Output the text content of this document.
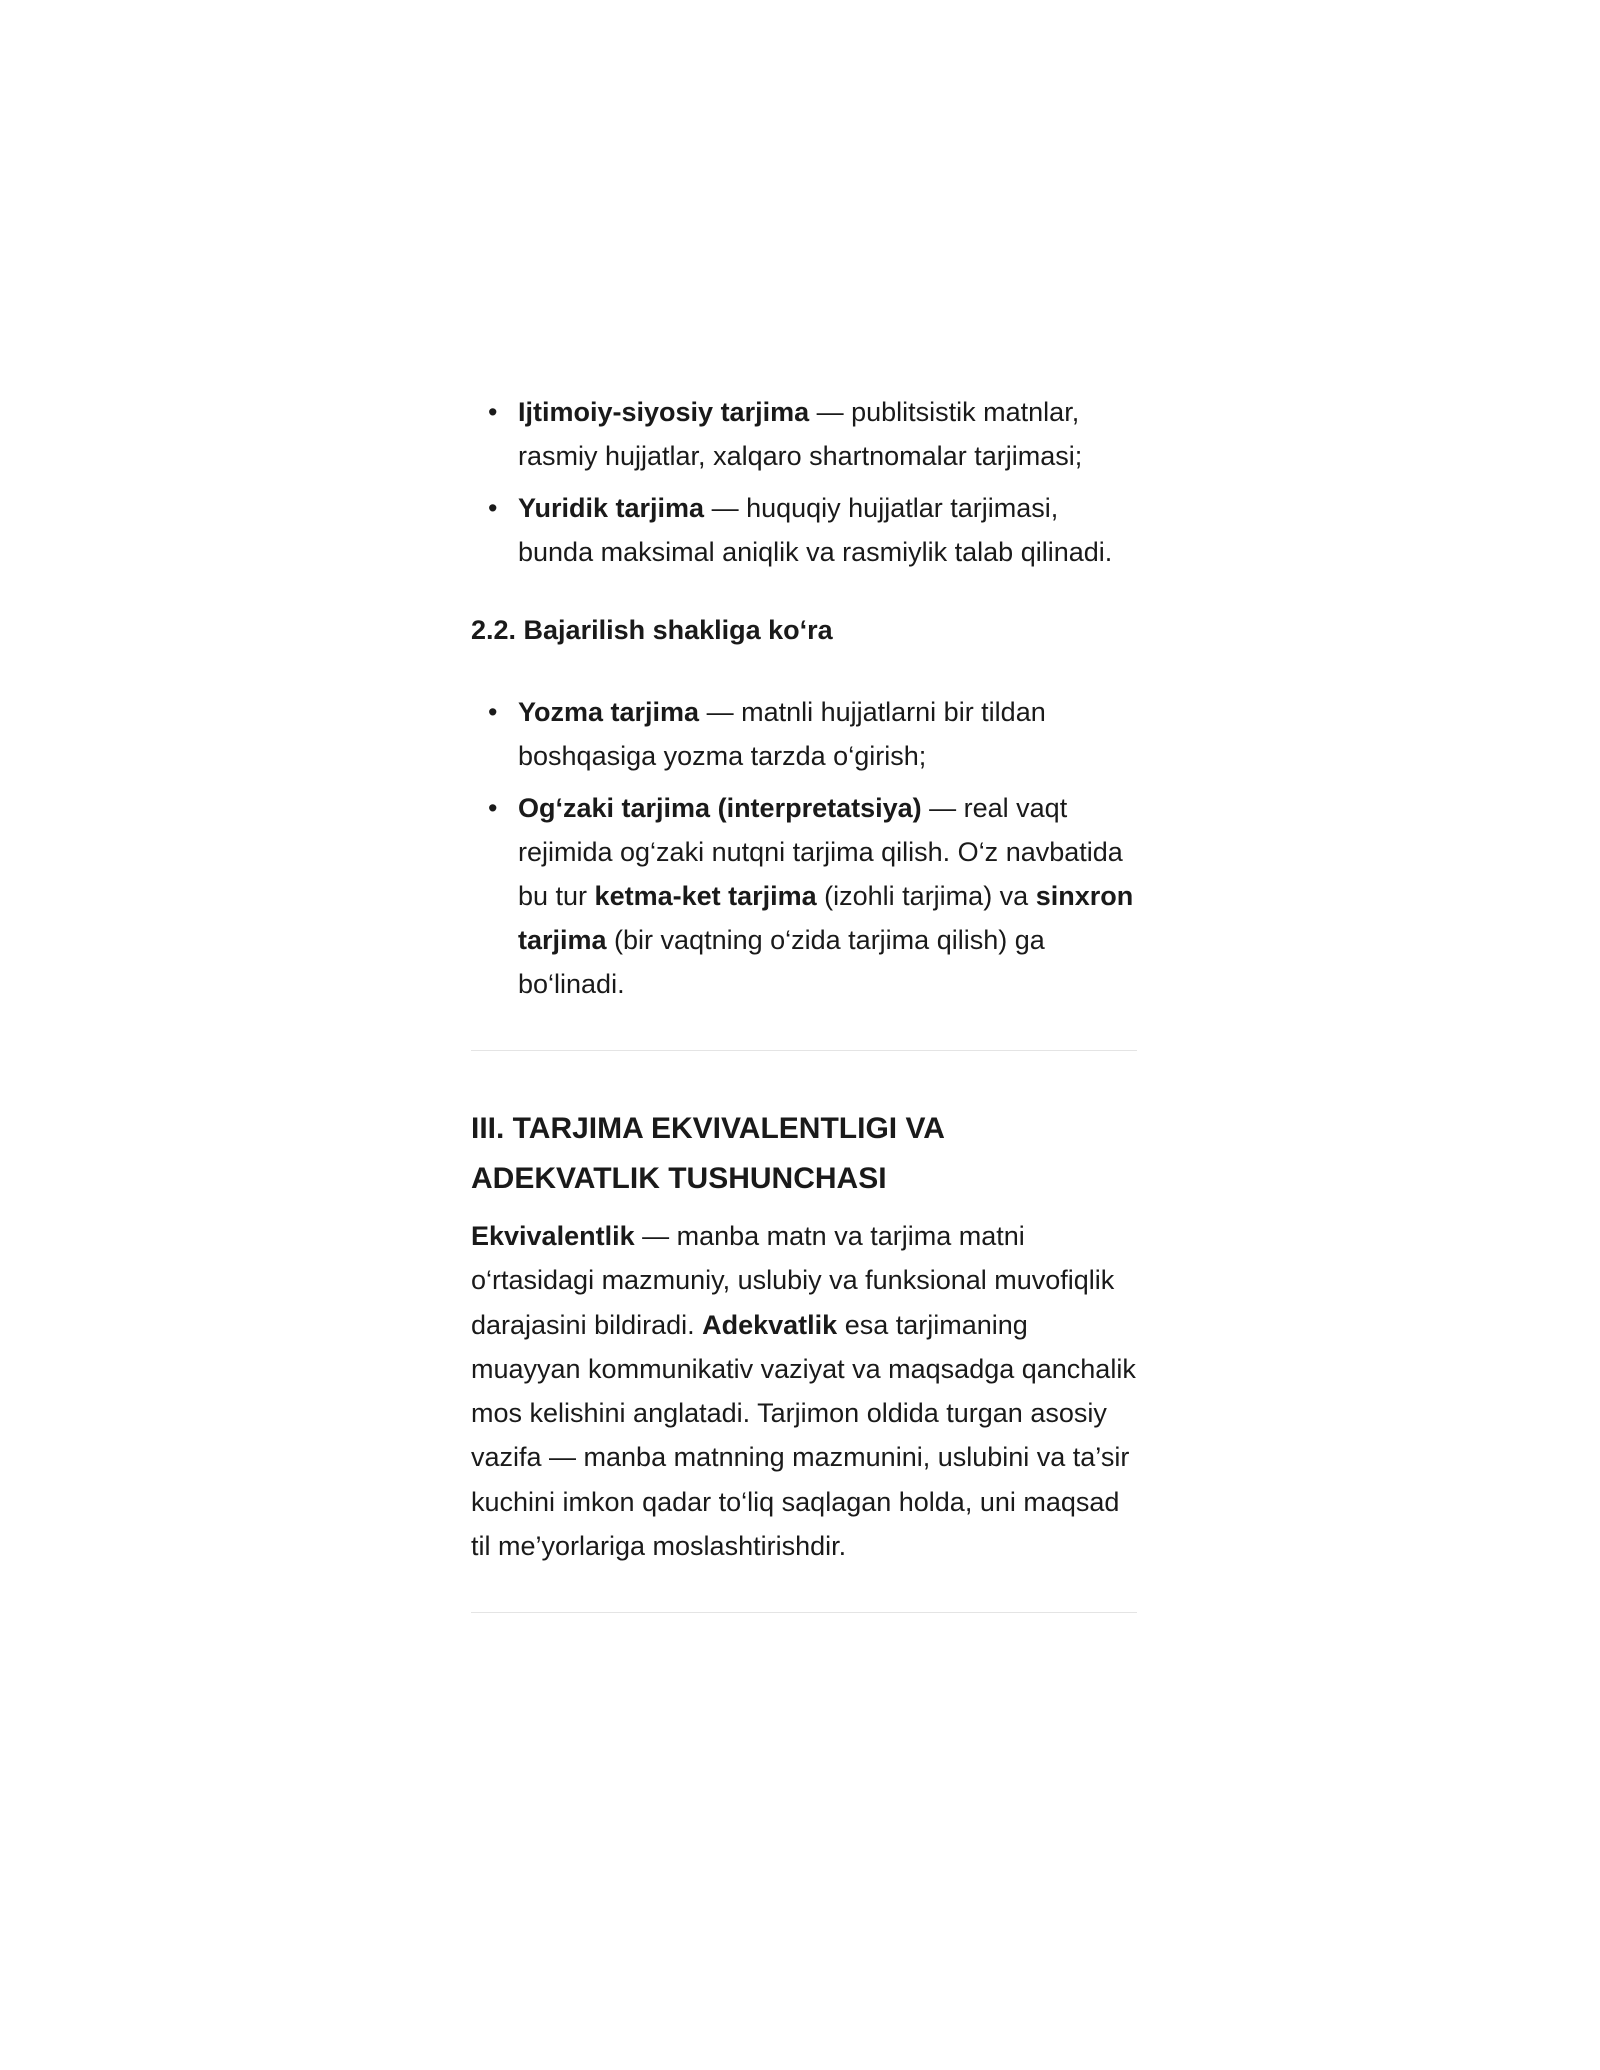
• Ijtimoiy-siyosiy tarjima — publitsistik matnlar, rasmiy hujjatlar, xalqaro shartnomalar tarjimasi;
• Yuridik tarjima — huquqiy hujjatlar tarjimasi, bunda maksimal aniqlik va rasmiylik talab qilinadi.
2.2. Bajarilish shakliga ko‘ra
• Yozma tarjima — matnli hujjatlarni bir tildan boshqasiga yozma tarzda o‘girish;
• Og‘zaki tarjima (interpretatsiya) — real vaqt rejimida og‘zaki nutqni tarjima qilish. O‘z navbatida bu tur ketma-ket tarjima (izohli tarjima) va sinxron tarjima (bir vaqtning o‘zida tarjima qilish) ga bo‘linadi.
III. TARJIMA EKVIVALENTLIGI VA ADEKVATLIK TUSHUNCHASI

Ekvivalentlik — manba matn va tarjima matni o‘rtasidagi mazmuniy, uslubiy va funksional muvofiqlik darajasini bildiradi. Adekvatlik esa tarjimaning muayyan kommunikativ vaziyat va maqsadga qanchalik mos kelishini anglatadi. Tarjimon oldida turgan asosiy vazifa — manba matnning mazmunini, uslubini va ta’sir kuchini imkon qadar to‘liq saqlagan holda, uni maqsad til me’yorlariga moslashtirishdir.
